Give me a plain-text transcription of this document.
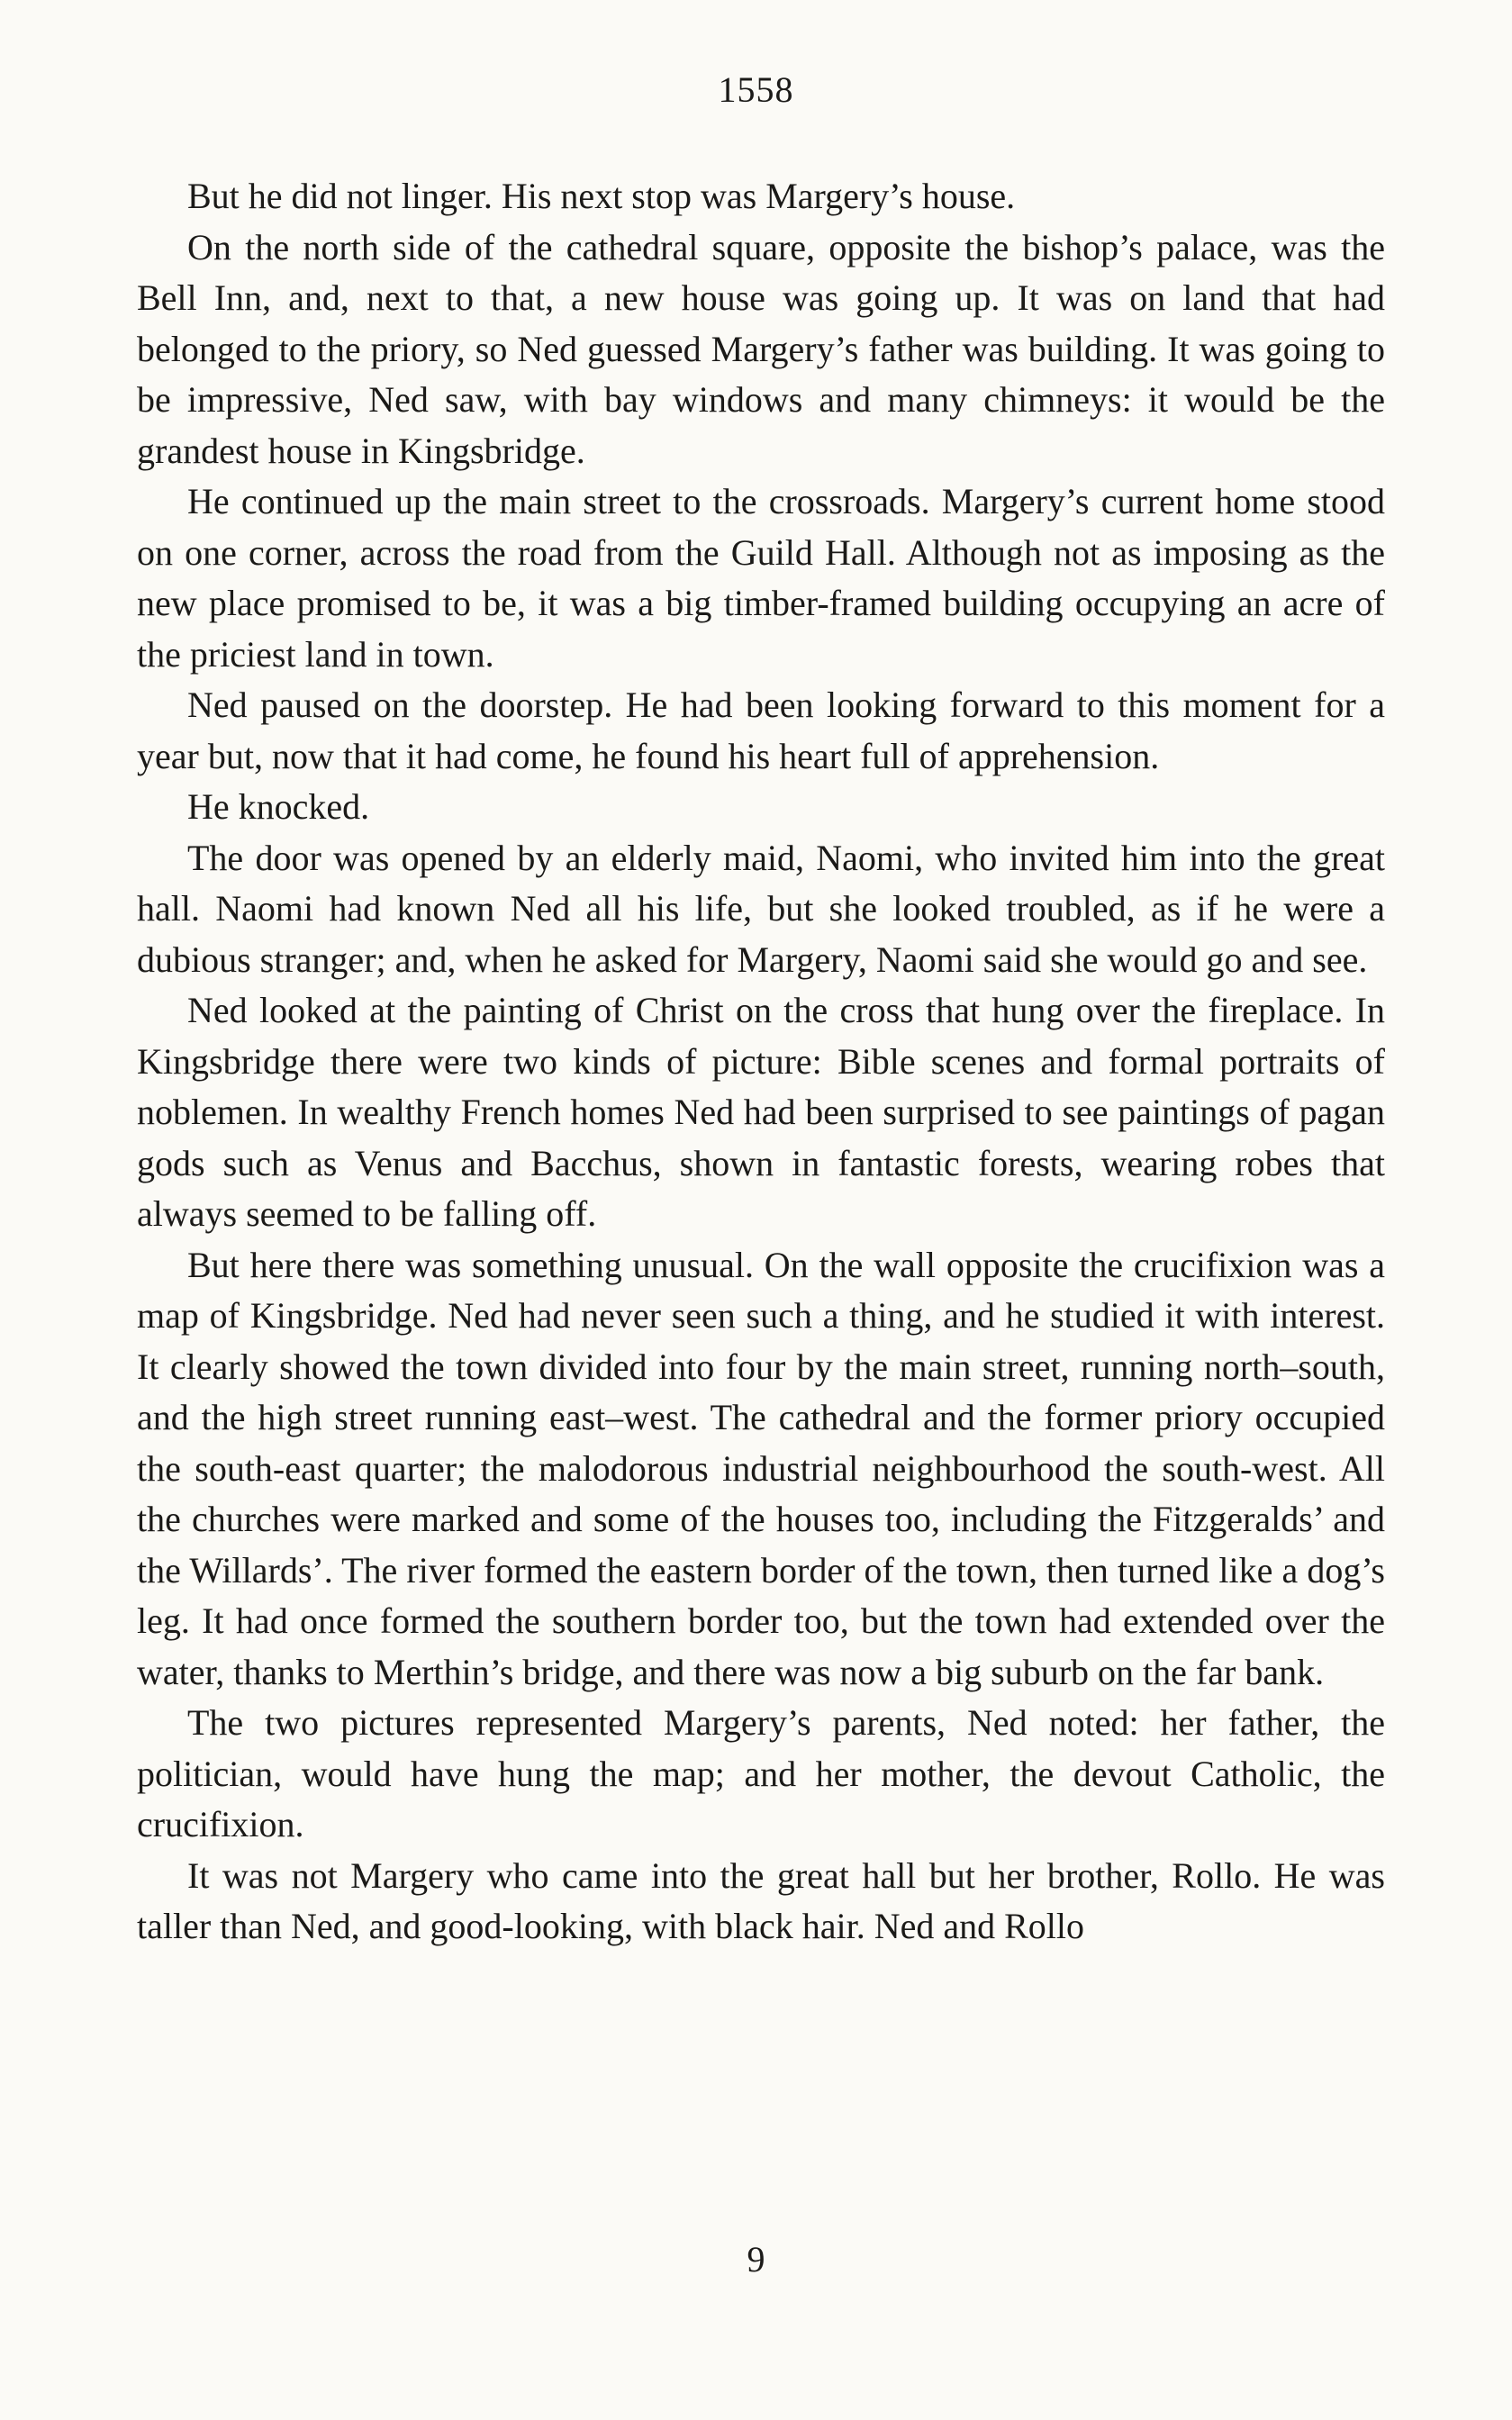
1558

But he did not linger. His next stop was Margery’s house.

On the north side of the cathedral square, opposite the bishop’s palace, was the Bell Inn, and, next to that, a new house was going up. It was on land that had belonged to the priory, so Ned guessed Margery’s father was building. It was going to be impressive, Ned saw, with bay windows and many chimneys: it would be the grandest house in Kingsbridge.

He continued up the main street to the crossroads. Margery’s current home stood on one corner, across the road from the Guild Hall. Although not as imposing as the new place promised to be, it was a big timber-framed building occupying an acre of the priciest land in town.

Ned paused on the doorstep. He had been looking forward to this moment for a year but, now that it had come, he found his heart full of apprehension.

He knocked.

The door was opened by an elderly maid, Naomi, who invited him into the great hall. Naomi had known Ned all his life, but she looked troubled, as if he were a dubious stranger; and, when he asked for Margery, Naomi said she would go and see.

Ned looked at the painting of Christ on the cross that hung over the fireplace. In Kingsbridge there were two kinds of picture: Bible scenes and formal portraits of noblemen. In wealthy French homes Ned had been surprised to see paintings of pagan gods such as Venus and Bacchus, shown in fantastic forests, wearing robes that always seemed to be falling off.

But here there was something unusual. On the wall opposite the crucifixion was a map of Kingsbridge. Ned had never seen such a thing, and he studied it with interest. It clearly showed the town divided into four by the main street, running north–south, and the high street running east–west. The cathedral and the former priory occupied the south-east quarter; the malodorous industrial neighbourhood the south-west. All the churches were marked and some of the houses too, including the Fitzgeralds’ and the Willards’. The river formed the eastern border of the town, then turned like a dog’s leg. It had once formed the southern border too, but the town had extended over the water, thanks to Merthin’s bridge, and there was now a big suburb on the far bank.

The two pictures represented Margery’s parents, Ned noted: her father, the politician, would have hung the map; and her mother, the devout Catholic, the crucifixion.

It was not Margery who came into the great hall but her brother, Rollo. He was taller than Ned, and good-looking, with black hair. Ned and Rollo

9
